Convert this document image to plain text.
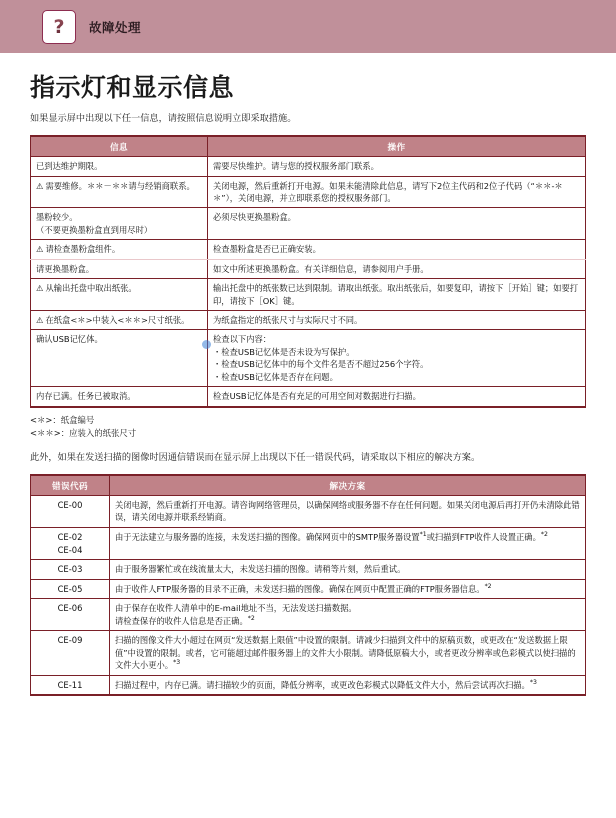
? 故障处理
指示灯和显示信息

如果显示屏中出现以下任一信息，请按照信息说明立即采取措施。

信息	操作

已到达维护期限。	需要尽快维护。请与您的授权服务部门联系。

⚠ 需要维修。＊＊－＊＊请与经销商联系。	关闭电源，然后重新打开电源。如果未能清除此信息，请写下2位主代码和2位子代码（“＊＊-＊＊”），关闭电源，并立即联系您的授权服务部门。

墨粉较少。
（不要更换墨粉盒直到用尽时）	必须尽快更换墨粉盒。

⚠ 请检查墨粉盒组件。	检查墨粉盒是否已正确安装。

请更换墨粉盒。	如文中所述更换墨粉盒。有关详细信息，请参阅用户手册。

⚠ 从输出托盘中取出纸张。	输出托盘中的纸张数已达到限制。请取出纸张。取出纸张后，如要复印，请按下［开始］键；如要打印，请按下［OK］键。

⚠ 在纸盒<＊>中装入<＊＊>尺寸纸张。	为纸盒指定的纸张尺寸与实际尺寸不同。

确认USB记忆体。	检查以下内容：
・检查USB记忆体是否未设为写保护。
・检查USB记忆体中的每个文件名是否不超过256个字符。
・检查USB记忆体是否存在问题。

内存已满。任务已被取消。	检查USB记忆体是否有充足的可用空间对数据进行扫描。
<＊>：纸盒编号
<＊＊>：应装入的纸张尺寸

此外，如果在发送扫描的图像时因通信错误而在显示屏上出现以下任一错误代码，请采取以下相应的解决方案。

错误代码	解决方案

CE-00	关闭电源，然后重新打开电源。请咨询网络管理员，以确保网络或服务器不存在任何问题。如果关闭电源后再打开仍未清除此错误，请关闭电源并联系经销商。

CE-02
CE-04	由于无法建立与服务器的连接，未发送扫描的图像。确保网页中的SMTP服务器设置$^{*1}$或扫描到FTP收件人设置正确。$^{*2}$

CE-03	由于服务器繁忙或在线流量太大，未发送扫描的图像。请稍等片刻，然后重试。

CE-05	由于收件人FTP服务器的目录不正确，未发送扫描的图像。确保在网页中配置正确的FTP服务器信息。$^{*2}$

CE-06	由于保存在收件人清单中的E-mail地址不当，无法发送扫描数据。
请检查保存的收件人信息是否正确。$^{*2}$

CE-09	扫描的图像文件大小超过在网页“发送数据上限值”中设置的限制。请减少扫描到文件中的原稿页数，或更改在“发送数据上限值”中设置的限制。或者，它可能超过邮件服务器上的文件大小限制。请降低原稿大小，或者更改分辨率或色彩模式以使扫描的文件大小更小。$^{*3}$

CE-11	扫描过程中，内存已满。请扫描较少的页面，降低分辨率，或更改色彩模式以降低文件大小，然后尝试再次扫描。$^{*3}$
